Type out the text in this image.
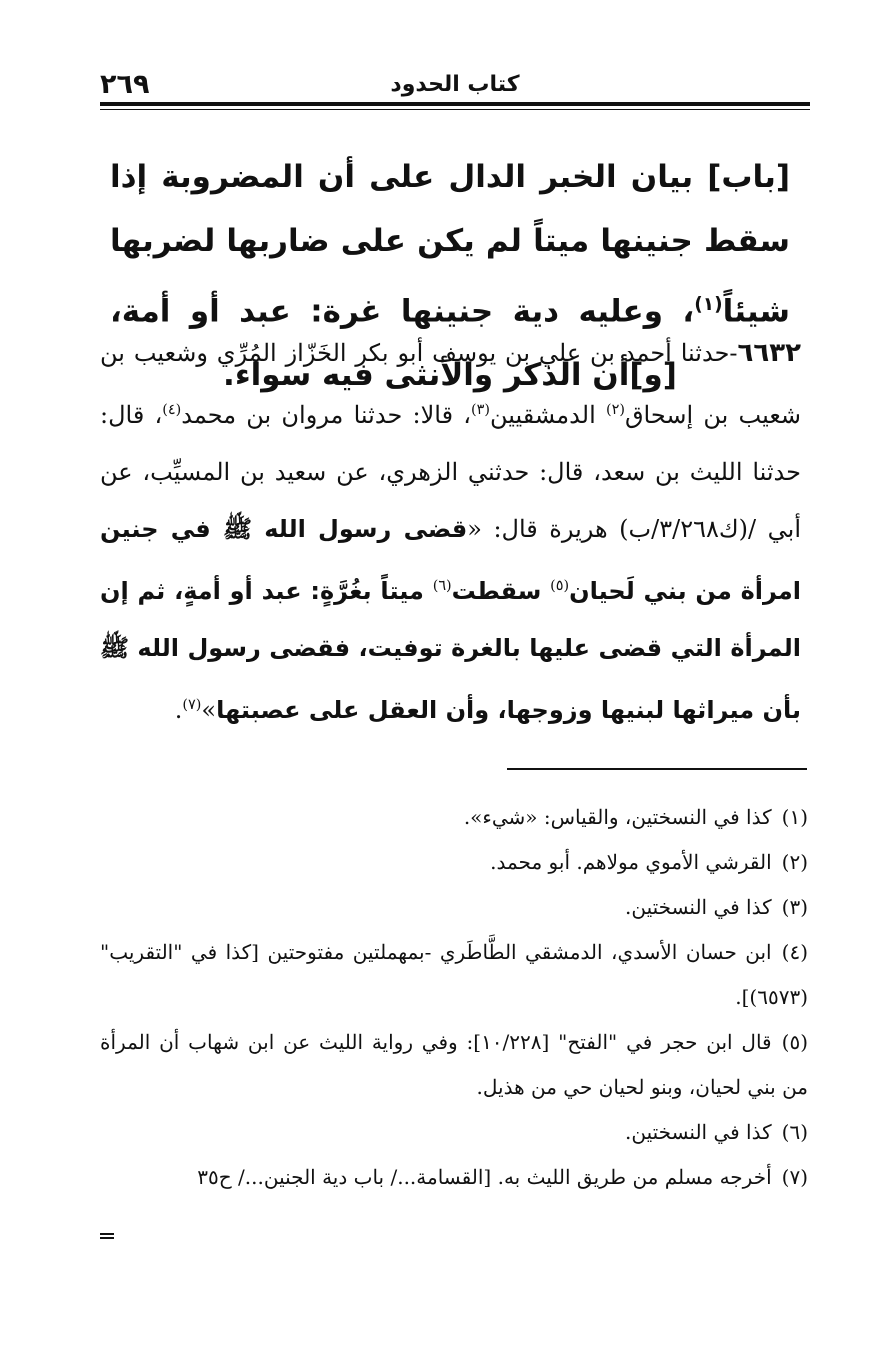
٢٦٩	كتاب الحدود
[باب] بيان الخبر الدال على أن المضروبة إذا سقط جنينها ميتاً لم يكن على ضاربها لضربها شيئاً$^{(١)}$، وعليه دية جنينها غرة: عبد أو أمة، [و]أن الذكر والأنثى فيه سواء.
٦٦٣٢-حدثنا أحمد بن علي بن يوسف أبو بكر الخَزّاز المُرِّي وشعيب بن شعيب بن إسحاق$^{(٢)}$ الدمشقيين$^{(٣)}$، قالا: حدثنا مروان بن محمد$^{(٤)}$، قال: حدثنا الليث بن سعد، قال: حدثني الزهري، عن سعيد بن المسيِّب، عن أبي /(ك٣/٢٦٨/ب) هريرة قال: «قضى رسول الله ﷺ في جنين امرأة من بني لَحيان$^{(٥)}$ سقطت$^{(٦)}$ ميتاً بغُرَّةٍ: عبد أو أمةٍ، ثم إن المرأة التي قضى عليها بالغرة توفيت، فقضى رسول الله ﷺ بأن ميراثها لبنيها وزوجها، وأن العقل على عصبتها»$^{(٧)}$.
(١)كذا في النسختين، والقياس: «شيء».
(٢)القرشي الأموي مولاهم. أبو محمد.
(٣)كذا في النسختين.
(٤)ابن حسان الأسدي، الدمشقي الطَّاطَري -بمهملتين مفتوحتين [كذا في "التقريب" (٦٥٧٣)].
(٥)قال ابن حجر في "الفتح" [١٠/٢٢٨]: وفي رواية الليث عن ابن شهاب أن المرأة من بني لحيان، وبنو لحيان حي من هذيل.
(٦)كذا في النسختين.
(٧)أخرجه مسلم من طريق الليث به. [القسامة.../ باب دية الجنين.../ ح٣٥
